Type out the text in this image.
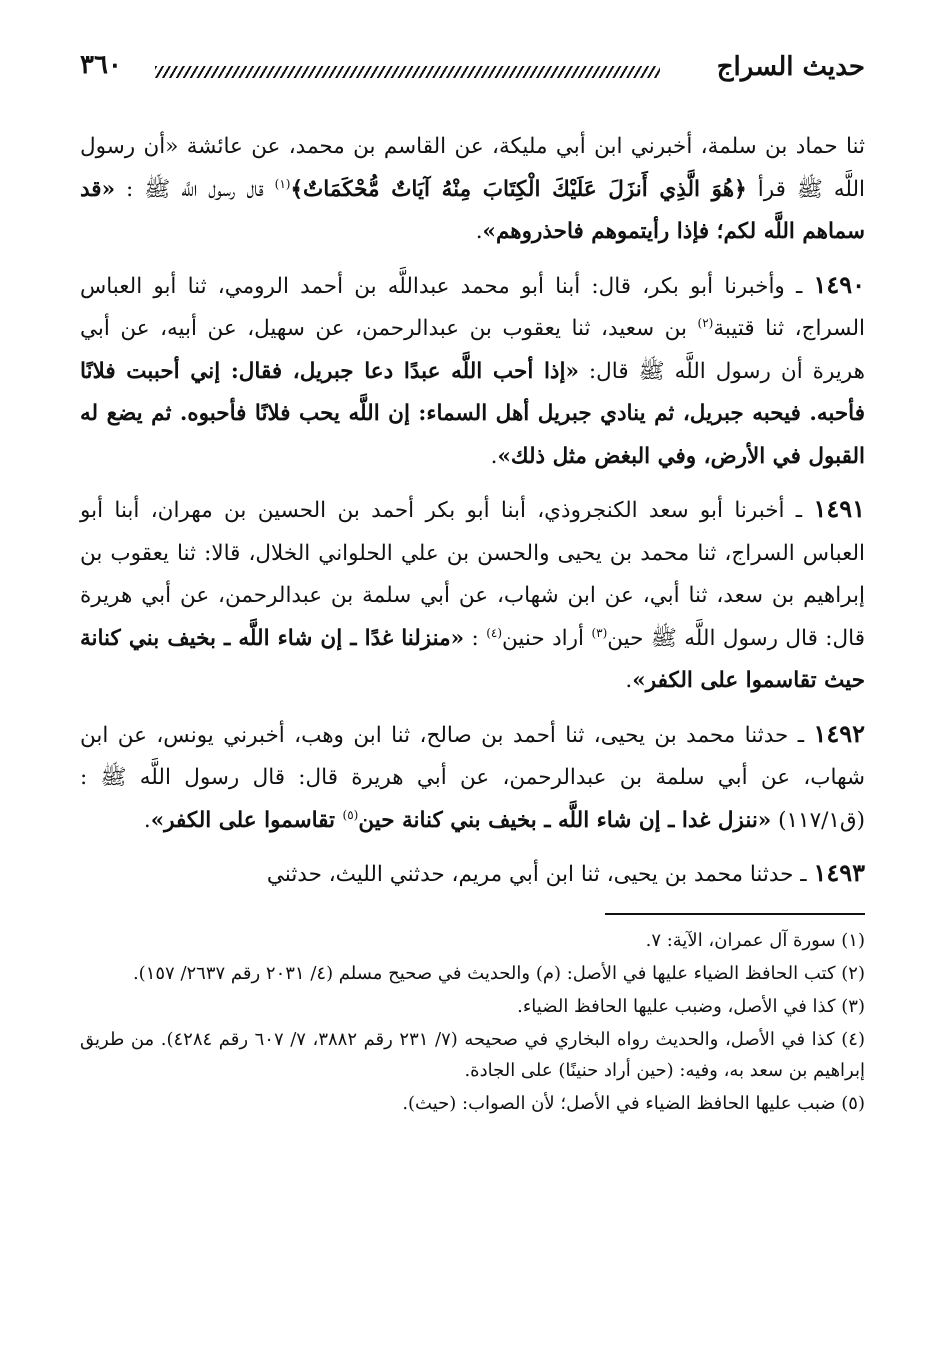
حديث السراج
٣٦٠

ثنا حماد بن سلمة، أخبرني ابن أبي مليكة، عن القاسم بن محمد، عن عائشة «أن رسول اللَّه ﷺ قرأ ﴿هُوَ الَّذِي أَنزَلَ عَلَيْكَ الْكِتَابَ مِنْهُ آيَاتٌ مُّحْكَمَاتٌ﴾$^{(١)}$ قال رسول اللَّه ﷺ : «قد سماهم اللَّه لكم؛ فإذا رأيتموهم فاحذروهم».

١٤٩٠ ـ وأخبرنا أبو بكر، قال: أبنا أبو محمد عبداللَّه بن أحمد الرومي، ثنا أبو العباس السراج، ثنا قتيبة$^{(٢)}$ بن سعيد، ثنا يعقوب بن عبدالرحمن، عن سهيل، عن أبيه، عن أبي هريرة أن رسول اللَّه ﷺ قال: «إذا أحب اللَّه عبدًا دعا جبريل، فقال: إني أحببت فلانًا فأحبه. فيحبه جبريل، ثم ينادي جبريل أهل السماء: إن اللَّه يحب فلانًا فأحبوه. ثم يضع له القبول في الأرض، وفي البغض مثل ذلك».

١٤٩١ ـ أخبرنا أبو سعد الكنجروذي، أبنا أبو بكر أحمد بن الحسين بن مهران، أبنا أبو العباس السراج، ثنا محمد بن يحيى والحسن بن علي الحلواني الخلال، قالا: ثنا يعقوب بن إبراهيم بن سعد، ثنا أبي، عن ابن شهاب، عن أبي سلمة بن عبدالرحمن، عن أبي هريرة قال: قال رسول اللَّه ﷺ حين$^{(٣)}$ أراد حنين$^{(٤)}$ : «منزلنا غدًا ـ إن شاء اللَّه ـ بخيف بني كنانة حيث تقاسموا على الكفر».

١٤٩٢ ـ حدثنا محمد بن يحيى، ثنا أحمد بن صالح، ثنا ابن وهب، أخبرني يونس، عن ابن شهاب، عن أبي سلمة بن عبدالرحمن، عن أبي هريرة قال: قال رسول اللَّه ﷺ : (ق١١٧/١) «ننزل غدا ـ إن شاء اللَّه ـ بخيف بني كنانة حين$^{(٥)}$ تقاسموا على الكفر».

١٤٩٣ ـ حدثنا محمد بن يحيى، ثنا ابن أبي مريم، حدثني الليث، حدثني

(١) سورة آل عمران، الآية: ٧.

(٢) كتب الحافظ الضياء عليها في الأصل: (م) والحديث في صحيح مسلم (٤/ ٢٠٣١ رقم ٢٦٣٧/ ١٥٧).

(٣) كذا في الأصل، وضبب عليها الحافظ الضياء.

(٤) كذا في الأصل، والحديث رواه البخاري في صحيحه (٧/ ٢٣١ رقم ٣٨٨٢، ٧/ ٦٠٧ رقم ٤٢٨٤). من طريق إبراهيم بن سعد به، وفيه: (حين أراد حنينًا) على الجادة.

(٥) ضبب عليها الحافظ الضياء في الأصل؛ لأن الصواب: (حيث).
